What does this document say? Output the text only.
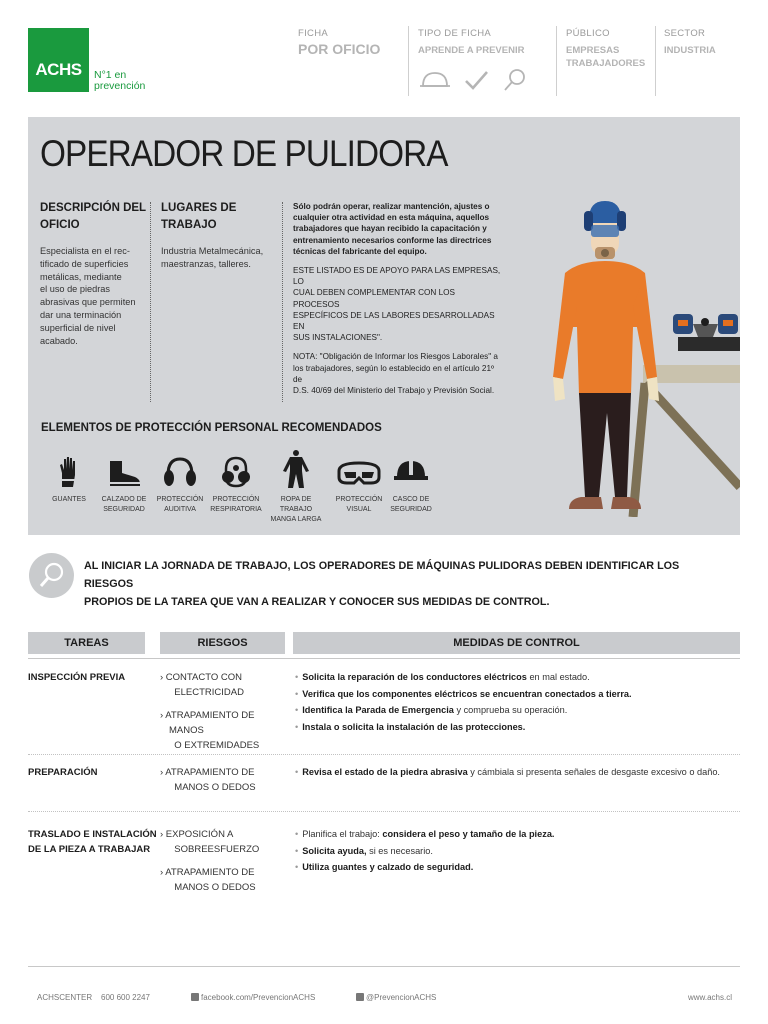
ACHS	N°1 en prevención
FICHA
POR OFICIO
TIPO DE FICHA
APRENDE A PREVENIR
PÚBLICO
EMPRESAS
TRABAJADORES
SECTOR
INDUSTRIA
OPERADOR DE PULIDORA
DESCRIPCIÓN DEL
OFICIO
Especialista en el rec-
tificado de superficies
metálicas, mediante
el uso de piedras
abrasivas que permiten
dar una terminación
superficial de nivel
acabado.
LUGARES DE
TRABAJO
Industria Metalmecánica,
maestranzas, talleres.

Sólo podrán operar, realizar mantención, ajustes o
cualquier otra actividad en esta máquina, aquellos
trabajadores que hayan recibido la capacitación y
entrenamiento necesarios conforme las directrices
técnicas del fabricante del equipo.

ESTE LISTADO ES DE APOYO PARA LAS EMPRESAS, LO
CUAL DEBEN COMPLEMENTAR CON LOS PROCESOS
ESPECÍFICOS DE LAS LABORES DESARROLLADAS EN
SUS INSTALACIONES".

NOTA: "Obligación de Informar los Riesgos Laborales" a
los trabajadores, según lo establecido en el artículo 21º de
D.S. 40/69 del Ministerio del Trabajo y Previsión Social.

ELEMENTOS DE PROTECCIÓN PERSONAL RECOMENDADOS
GUANTES	CALZADO DE
SEGURIDAD
PROTECCIÓN
AUDITIVA
PROTECCIÓN
RESPIRATORIA
ROPA DE TRABAJO
MANGA LARGA
PROTECCIÓN
VISUAL
CASCO DE
SEGURIDAD
AL INICIAR LA JORNADA DE TRABAJO, LOS OPERADORES DE MÁQUINAS PULIDORAS DEBEN IDENTIFICAR LOS RIESGOS
PROPIOS DE LA TAREA QUE VAN A REALIZAR Y CONOCER SUS MEDIDAS DE CONTROL.
TAREAS	RIESGOS	MEDIDAS DE CONTROL
INSPECCIÓN PREVIA	› CONTACTO CON
ELECTRICIDAD
› ATRAPAMIENTO DE MANOS
O EXTREMIDADES
• Solicita la reparación de los conductores eléctricos en mal estado.
• Verifica que los componentes eléctricos se encuentran conectados a tierra.
• Identifica la Parada de Emergencia y comprueba su operación.
• Instala o solicita la instalación de las protecciones.
PREPARACIÓN	› ATRAPAMIENTO DE
MANOS O DEDOS
• Revisa el estado de la piedra abrasiva y cámbiala si presenta señales de desgaste excesivo o daño.
TRASLADO E INSTALACIÓN
DE LA PIEZA A TRABAJAR
› EXPOSICIÓN A
SOBREESFUERZO
› ATRAPAMIENTO DE
MANOS O DEDOS
• Planifica el trabajo: considera el peso y tamaño de la pieza.
• Solicita ayuda, si es necesario.
• Utiliza guantes y calzado de seguridad.
ACHSCENTER 600 600 2247	facebook.com/PrevencionACHS	@PrevencionACHS	www.achs.cl
